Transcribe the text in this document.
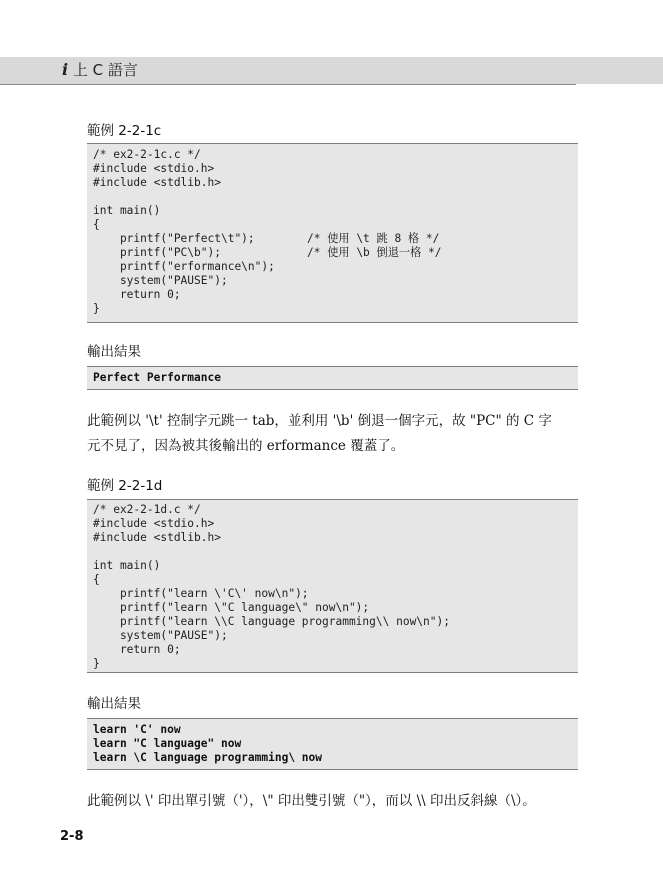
i 上 C 語言
範例 2-2-1c
/* ex2-2-1c.c */
#include <stdio.h>
#include <stdlib.h>
int main()
{
printf("Perfect\t");
printf("PC\b");
printf("erformance\n");
system("PAUSE");
return 0;
}
/* 使用 \t 跳 8 格 */
/* 使用 \b 倒退一格 */
輸出結果
Perfect Performance
此範例以 '\t' 控制字元跳一 tab，並利用 '\b' 倒退一個字元，故 "PC" 的 C 字
元不見了，因為被其後輸出的 erformance 覆蓋了。
範例 2-2-1d
/* ex2-2-1d.c */
#include <stdio.h>
#include <stdlib.h>
int main()
{
printf("learn \'C\' now\n");
printf("learn \"C language\" now\n");
printf("learn \\C language programming\\ now\n");
system("PAUSE");
return 0;
}
輸出結果
learn 'C' now
learn "C language" now
learn \C language programming\ now
此範例以 \' 印出單引號（'），\" 印出雙引號（"），而以 \\ 印出反斜線（\）。
2-8
